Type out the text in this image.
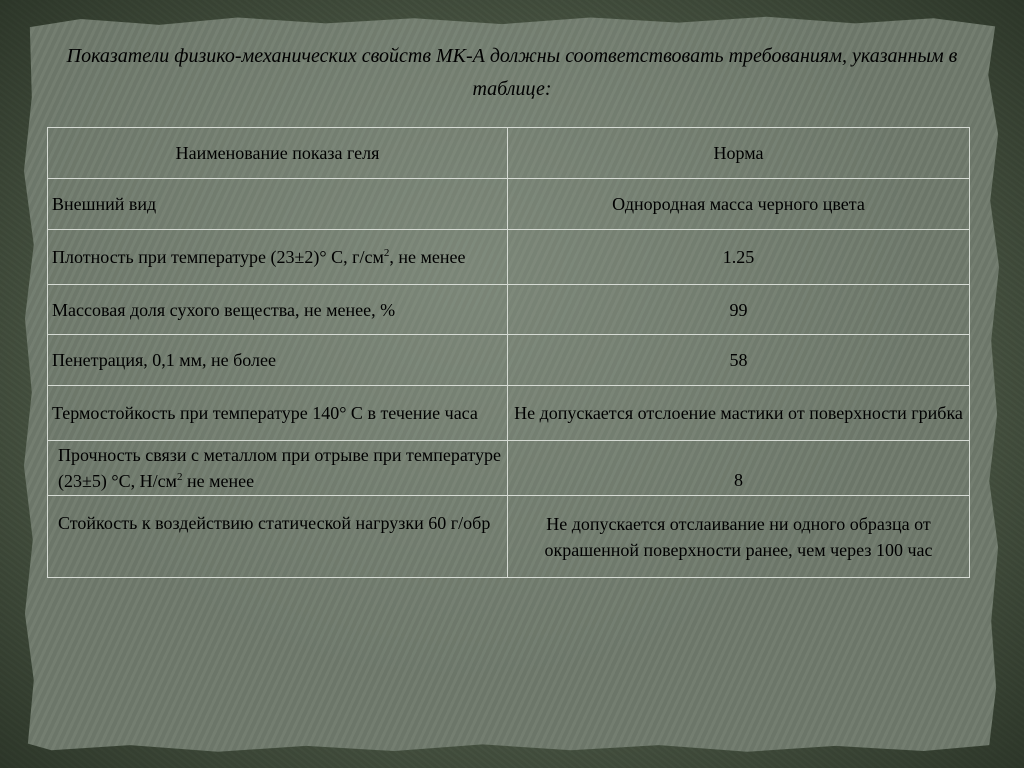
Показатели физико-механических свойств МК-А должны соответствовать требованиям, указанным в таблице:
Наименование показа геля	Норма
Внешний вид	Однородная масса черного цвета
Плотность при температуре (23±2)° С, $г/см^2$, не менее	1.25
Массовая доля сухого вещества, не менее, %	99
Пенетрация, 0,1 мм, не более	58
Термостойкость при температуре 140° С в течение часа	Не допускается отслоение мастики от поверхности грибка
Прочность связи с металлом при отрыве при температуре (23±5) °С, $Н/см^2$ не менее	8
Стойкость к воздействию статической нагрузки 60 г/обр	Не допускается отслаивание ни одного образца от окрашенной поверхности ранее, чем через 100 час
